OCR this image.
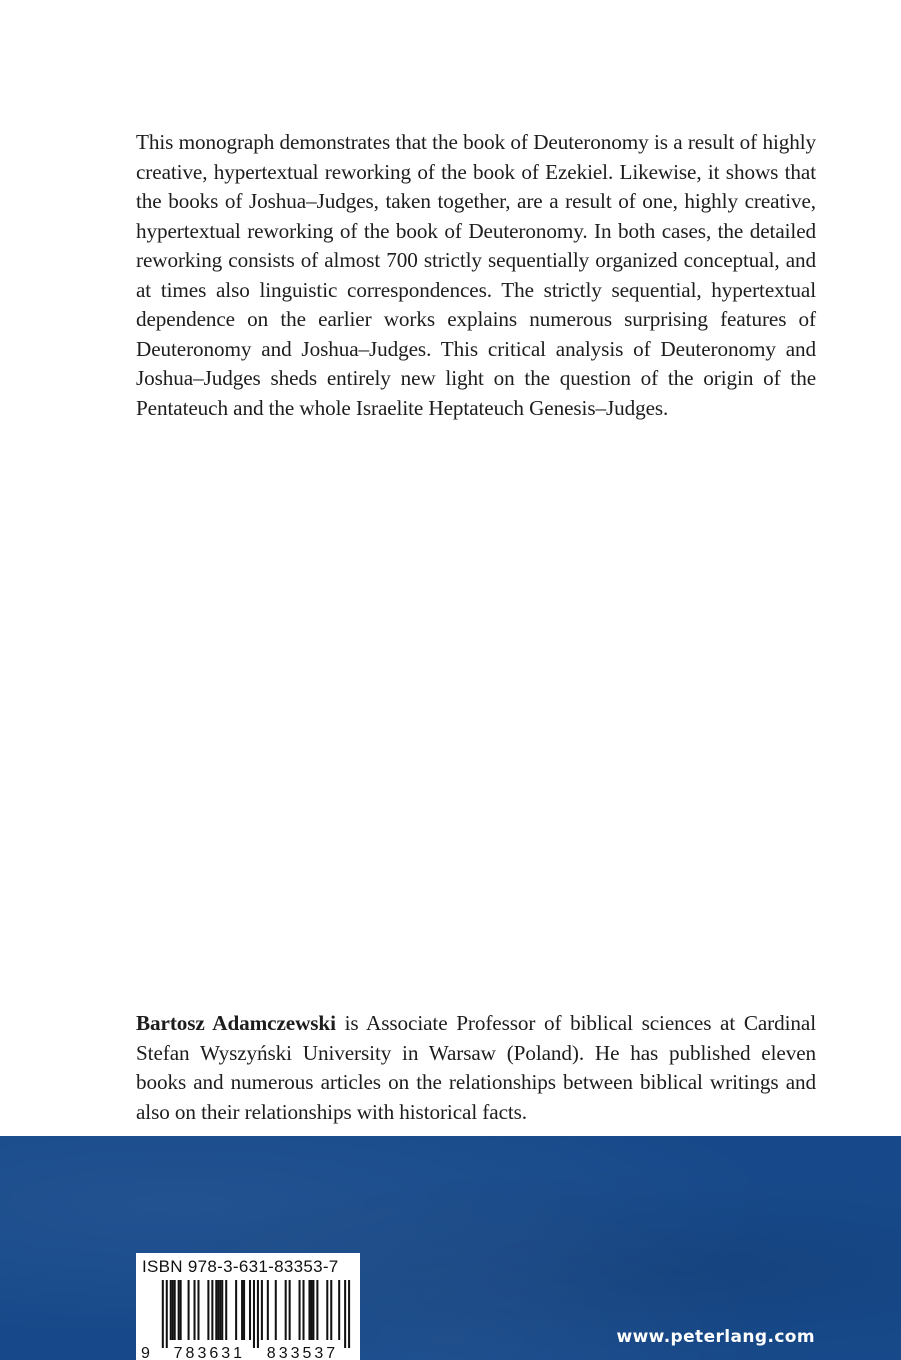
This monograph demonstrates that the book of Deuteronomy is a result of highly creative, hypertextual reworking of the book of Ezekiel. Likewise, it shows that the books of Joshua–Judges, taken together, are a result of one, highly creative, hypertextual reworking of the book of Deuteronomy. In both cases, the detailed reworking consists of almost 700 strictly sequentially organized conceptual, and at times also linguistic correspondences. The strictly sequential, hypertextual dependence on the earlier works explains numerous surprising features of Deuteronomy and Joshua–Judges. This critical analysis of Deuteronomy and Joshua–Judges sheds entirely new light on the question of the origin of the Pentateuch and the whole Israelite Heptateuch Genesis–Judges.

Bartosz Adamczewski is Associate Professor of biblical sciences at Cardinal Stefan Wyszyński University in Warsaw (Poland). He has published eleven books and numerous articles on the relationships between biblical writings and also on their relationships with historical facts.

ISBN 978-3-631-83353-7
9 783631 833537
www.peterlang.com
